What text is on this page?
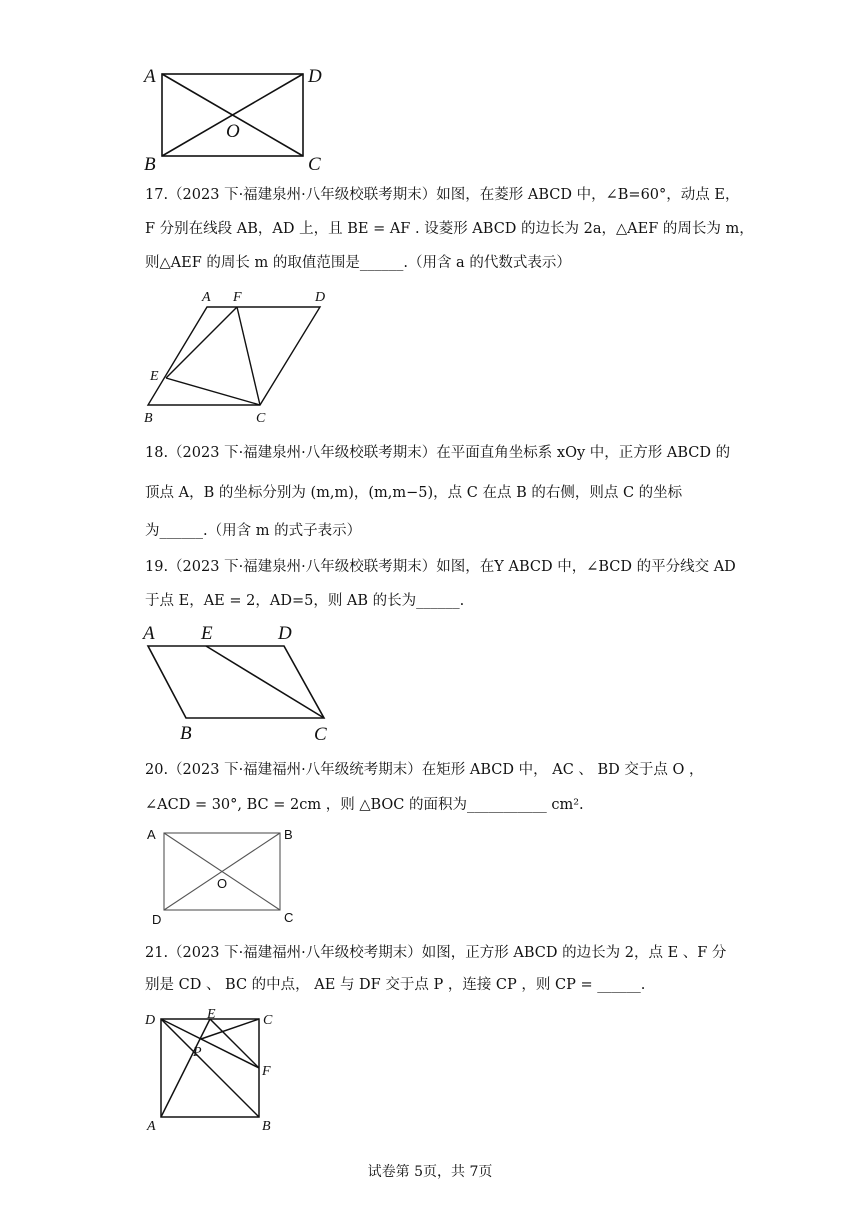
A	D
O
B	C
17.（2023 下·福建泉州·八年级校联考期末）如图，在菱形 ABCD 中，∠B=60°，动点 E，
F 分别在线段 AB，AD 上，且 BE = AF . 设菱形 ABCD 的边长为 2a，△AEF 的周长为 m，
则△AEF 的周长 m 的取值范围是______.（用含 a 的代数式表示）
A F	D
E
B	C
18.（2023 下·福建泉州·八年级校联考期末）在平面直角坐标系 xOy 中，正方形 ABCD 的
顶点 A，B 的坐标分别为 (m,m)，(m,m−5)，点 C 在点 B 的右侧，则点 C 的坐标
为______.（用含 m 的式子表示）
19.（2023 下·福建泉州·八年级校联考期末）如图，在Y ABCD 中，∠BCD 的平分线交 AD
于点 E，AE = 2，AD=5，则 AB 的长为______.
A E	D
B	C
20.（2023 下·福建福州·八年级统考期末）在矩形 ABCD 中， AC 、 BD 交于点 O ，
∠ACD = 30°, BC = 2cm ，则 △BOC 的面积为___________ cm².
A	B
O
D	C
21.（2023 下·福建福州·八年级校考期末）如图，正方形 ABCD 的边长为 2，点 E 、F 分
别是 CD 、 BC 的中点， AE 与 DF 交于点 P ，连接 CP ，则 CP = ______.
D	E	C
P
F
A	B
试卷第 5页，共 7页
